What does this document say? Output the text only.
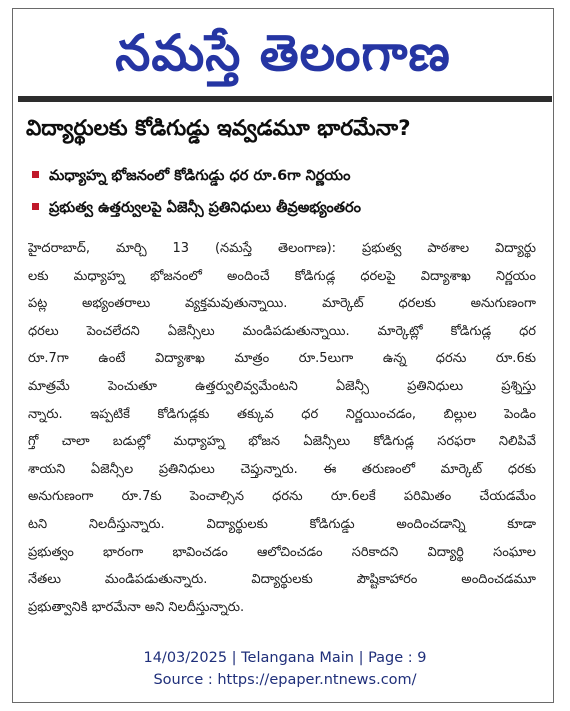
నమస్తే తెలంగాణ
విద్యార్థులకు కోడిగుడ్డు ఇవ్వడమూ భారమేనా?
మధ్యాహ్న భోజనంలో కోడిగుడ్డు ధర రూ.6గా నిర్ణయం
ప్రభుత్వ ఉత్తర్వులపై ఏజెన్సీ ప్రతినిధులు తీవ్రఅభ్యంతరం
హైదరాబాద్, మార్చి 13 (నమస్తే తెలంగాణ): ప్రభుత్వ పాఠశాల విద్యార్థు
లకు మధ్యాహ్న భోజనంలో అందించే కోడిగుడ్ల ధరలపై విద్యాశాఖ నిర్ణయం
పట్ల అభ్యంతరాలు వ్యక్తమవుతున్నాయి. మార్కెట్ ధరలకు అనుగుణంగా
ధరలు పెంచలేదని ఏజెన్సీలు మండిపడుతున్నాయి. మార్కెట్లో కోడిగుడ్ల ధర
రూ.7గా ఉంటే విద్యాశాఖ మాత్రం రూ.5లుగా ఉన్న ధరను రూ.6కు
మాత్రమే పెంచుతూ ఉత్తర్వులివ్వమేంటని ఏజెన్సీ ప్రతినిధులు ప్రశ్నిస్తు
న్నారు. ఇప్పటికే కోడిగుడ్లకు తక్కువ ధర నిర్ణయించడం, బిల్లుల పెండిం
గ్తో చాలా బడుల్లో మధ్యాహ్న భోజన ఏజెన్సీలు కోడిగుడ్ల సరఫరా నిలిపివే
శాయని ఏజెన్సీల ప్రతినిధులు చెప్తున్నారు. ఈ తరుణంలో మార్కెట్ ధరకు
అనుగుణంగా రూ.7కు పెంచాల్సిన ధరను రూ.6లకే పరిమితం చేయడమేం
టని నిలదీస్తున్నారు. విద్యార్థులకు కోడిగుడ్డు అందించడాన్ని కూడా
ప్రభుత్వం భారంగా భావించడం ఆలోచించడం సరికాదని విద్యార్థి సంఘాల
నేతలు మండిపడుతున్నారు. విద్యార్థులకు పౌష్టికాహారం అందించడమూ
ప్రభుత్వానికి భారమేనా అని నిలదీస్తున్నారు.
14/03/2025 | Telangana Main | Page : 9
Source : https://epaper.ntnews.com/
